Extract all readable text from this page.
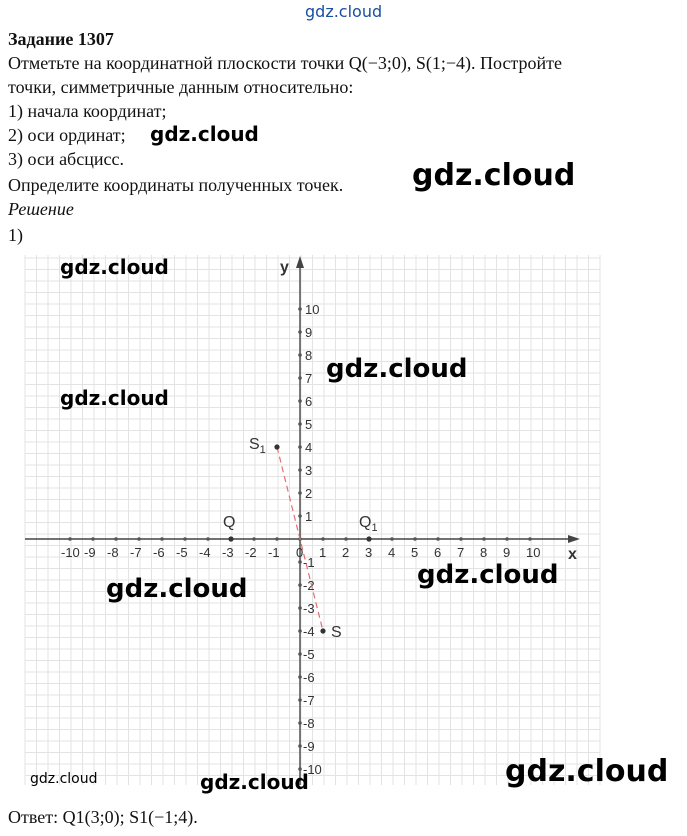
gdz.cloud
Задание 1307
Отметьте на координатной плоскости точки Q(−3;0), S(1;−4). Постройте
точки, симметричные данным относительно:
1) начала координат;
2) оси ординат;
3) оси абсцисс.
Определите координаты полученных точек.
Решение
1)
x
y
-10 -9 -8 -7 -6 -5 -4 -3 -2 -1 0 1 2 3 4 5 6 7 8 9 10
-10
-9
-8
-7
-6
-5
-4
-3
-2
-1
1
2
3
4
5
6
7
8
9
10
Q	$Q_1$
S
$S_1$
gdz.cloud
gdz.cloud
gdz.cloud
gdz.cloud	gdz.cloud
gdz.cloud
gdz.cloud
gdz.cloud
gdz.cloud
gdz.cloud
Ответ: Q1(3;0); S1(−1;4).
